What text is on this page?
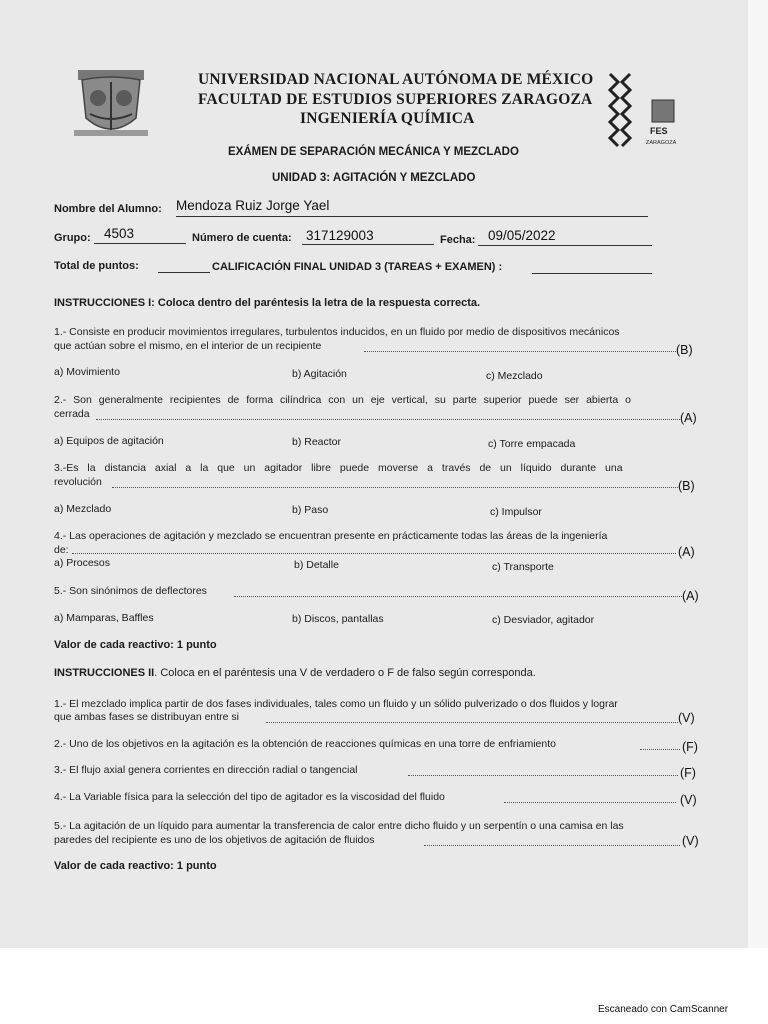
FES
ZARAGOZA
UNIVERSIDAD NACIONAL AUTÓNOMA DE MÉXICO
FACULTAD DE ESTUDIOS SUPERIORES ZARAGOZA
INGENIERÍA QUÍMICA
EXÁMEN DE SEPARACIÓN MECÁNICA Y MEZCLADO
UNIDAD 3: AGITACIÓN Y MEZCLADO
Nombre del Alumno: Mendoza Ruiz Jorge Yael
Grupo: 4503	Número de cuenta: 317129003	Fecha: 09/05/2022
Total de puntos:	CALIFICACIÓN FINAL UNIDAD 3 (TAREAS + EXAMEN) :
INSTRUCCIONES I: Coloca dentro del paréntesis la letra de la respuesta correcta.
1.- Consiste en producir movimientos irregulares, turbulentos inducidos, en un fluido por medio de dispositivos mecánicos
que actúan sobre el mismo, en el interior de un recipiente	(B)
a) Movimiento	b) Agitación	c) Mezclado
2.- Son generalmente recipientes de forma cilíndrica con un eje vertical, su parte superior puede ser abierta o
cerrada	(A)
a) Equipos de agitación	b) Reactor	c) Torre empacada
3.-Es la distancia axial a la que un agitador libre puede moverse a través de un líquido durante una
revolución	(B)
a) Mezclado	b) Paso	c) Impulsor
4.- Las operaciones de agitación y mezclado se encuentran presente en prácticamente todas las áreas de la ingeniería
de:	(A)
a) Procesos	b) Detalle	c) Transporte
5.- Son sinónimos de deflectores	(A)
a) Mamparas, Baffles	b) Discos, pantallas	c) Desviador, agitador
Valor de cada reactivo: 1 punto
INSTRUCCIONES II. Coloca en el paréntesis una V de verdadero o F de falso según corresponda.
1.- El mezclado implica partir de dos fases individuales, tales como un fluido y un sólido pulverizado o dos fluidos y lograr
que ambas fases se distribuyan entre si	(V)
2.- Uno de los objetivos en la agitación es la obtención de reacciones químicas en una torre de enfriamiento	(F)
3.- El flujo axial genera corrientes en dirección radial o tangencial	(F)
4.- La Variable física para la selección del tipo de agitador es la viscosidad del fluido	(V)
5.- La agitación de un líquido para aumentar la transferencia de calor entre dicho fluido y un serpentín o una camisa en las
paredes del recipiente es uno de los objetivos de agitación de fluidos	(V)
Valor de cada reactivo: 1 punto
Escaneado con CamScanner
